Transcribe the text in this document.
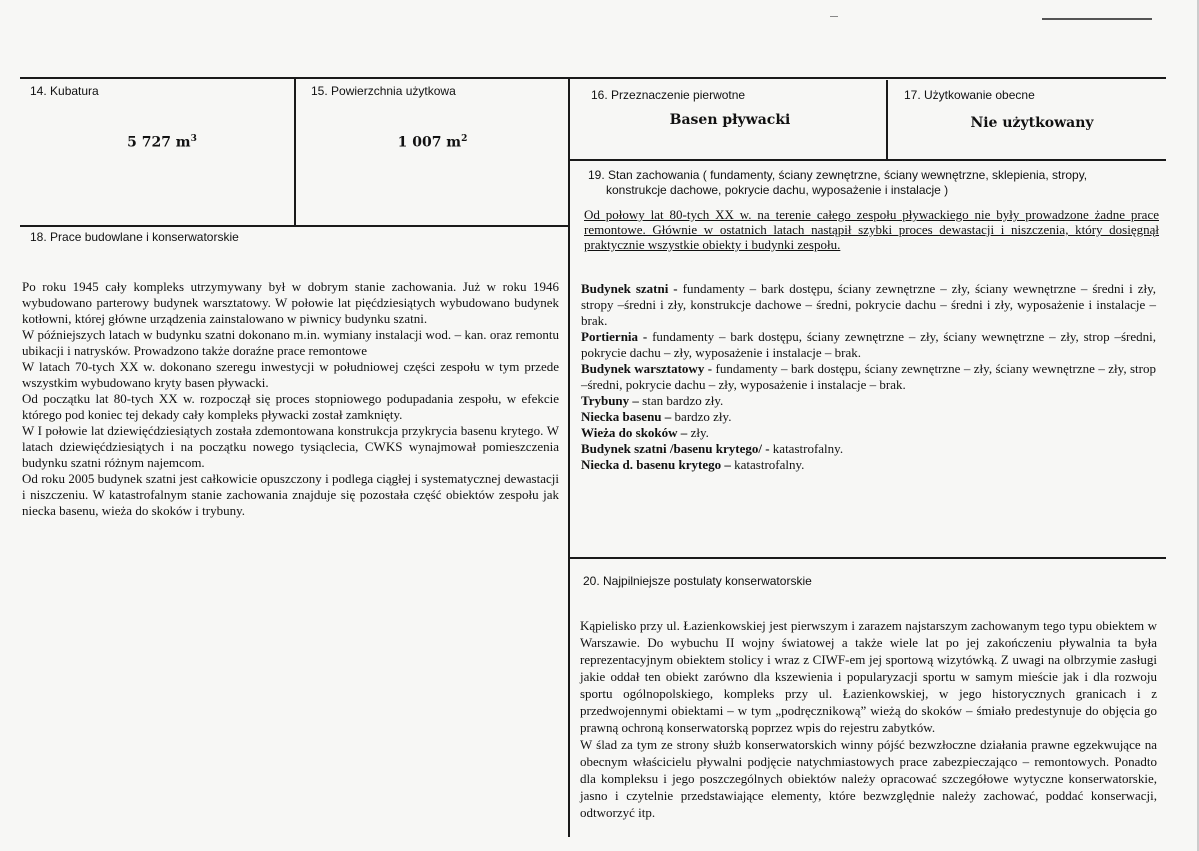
14. Kubatura
5 727 $m^3$
15. Powierzchnia użytkowa
1 007 $m^2$
16. Przeznaczenie pierwotne
Basen pływacki
17. Użytkowanie obecne
Nie użytkowany
18. Prace budowlane i konserwatorskie

Po roku 1945 cały kompleks utrzymywany był w dobrym stanie zachowania. Już w roku 1946 wybudowano parterowy budynek warsztatowy. W połowie lat pięćdziesiątych wybudowano budynek kotłowni, której główne urządzenia zainstalowano w piwnicy budynku szatni.

W późniejszych latach w budynku szatni dokonano m.in. wymiany instalacji wod. – kan. oraz remontu ubikacji i natrysków. Prowadzono także doraźne prace remontowe

W latach 70-tych XX w. dokonano szeregu inwestycji w południowej części zespołu w tym przede wszystkim wybudowano kryty basen pływacki.

Od początku lat 80-tych XX w. rozpoczął się proces stopniowego podupadania zespołu, w efekcie którego pod koniec tej dekady cały kompleks pływacki został zamknięty.

W I połowie lat dziewięćdziesiątych została zdemontowana konstrukcja przykrycia basenu krytego. W latach dziewięćdziesiątych i na początku nowego tysiąclecia, CWKS wynajmował pomieszczenia budynku szatni różnym najemcom.

Od roku 2005 budynek szatni jest całkowicie opuszczony i podlega ciągłej i systematycznej dewastacji i niszczeniu. W katastrofalnym stanie zachowania znajduje się pozostała część obiektów zespołu jak niecka basenu, wieża do skoków i trybuny.

19. Stan zachowania ( fundamenty, ściany zewnętrzne, ściany wewnętrzne, sklepienia, stropy,
konstrukcje dachowe, pokrycie dachu, wyposażenie i instalacje )
Od połowy lat 80-tych XX w. na terenie całego zespołu pływackiego nie były prowadzone żadne prace remontowe. Głównie w ostatnich latach nastąpił szybki proces dewastacji i niszczenia, który dosięgnął praktycznie wszystkie obiekty i budynki zespołu.

Budynek szatni - fundamenty – bark dostępu, ściany zewnętrzne – zły, ściany wewnętrzne – średni i zły, stropy –średni i zły, konstrukcje dachowe – średni, pokrycie dachu – średni i zły, wyposażenie i instalacje – brak.

Portiernia - fundamenty – bark dostępu, ściany zewnętrzne – zły, ściany wewnętrzne – zły, strop –średni, pokrycie dachu – zły, wyposażenie i instalacje – brak.

Budynek warsztatowy - fundamenty – bark dostępu, ściany zewnętrzne – zły, ściany wewnętrzne – zły, strop –średni, pokrycie dachu – zły, wyposażenie i instalacje – brak.

Trybuny – stan bardzo zły.

Niecka basenu – bardzo zły.

Wieża do skoków – zły.

Budynek szatni /basenu krytego/ - katastrofalny.

Niecka d. basenu krytego – katastrofalny.

20. Najpilniejsze postulaty konserwatorskie

Kąpielisko przy ul. Łazienkowskiej jest pierwszym i zarazem najstarszym zachowanym tego typu obiektem w Warszawie. Do wybuchu II wojny światowej a także wiele lat po jej zakończeniu pływalnia ta była reprezentacyjnym obiektem stolicy i wraz z CIWF-em jej sportową wizytówką. Z uwagi na olbrzymie zasługi jakie oddał ten obiekt zarówno dla kszewienia i popularyzacji sportu w samym mieście jak i dla rozwoju sportu ogólnopolskiego, kompleks przy ul. Łazienkowskiej, w jego historycznych granicach i z przedwojennymi obiektami – w tym „podręcznikową” wieżą do skoków – śmiało predestynuje do objęcia go prawną ochroną konserwatorską poprzez wpis do rejestru zabytków.

W ślad za tym ze strony służb konserwatorskich winny pójść bezwzłoczne działania prawne egzekwujące na obecnym właścicielu pływalni podjęcie natychmiastowych prace zabezpieczająco – remontowych. Ponadto dla kompleksu i jego poszczególnych obiektów należy opracować szczegółowe wytyczne konserwatorskie, jasno i czytelnie przedstawiające elementy, które bezwzględnie należy zachować, poddać konserwacji, odtworzyć itp.
